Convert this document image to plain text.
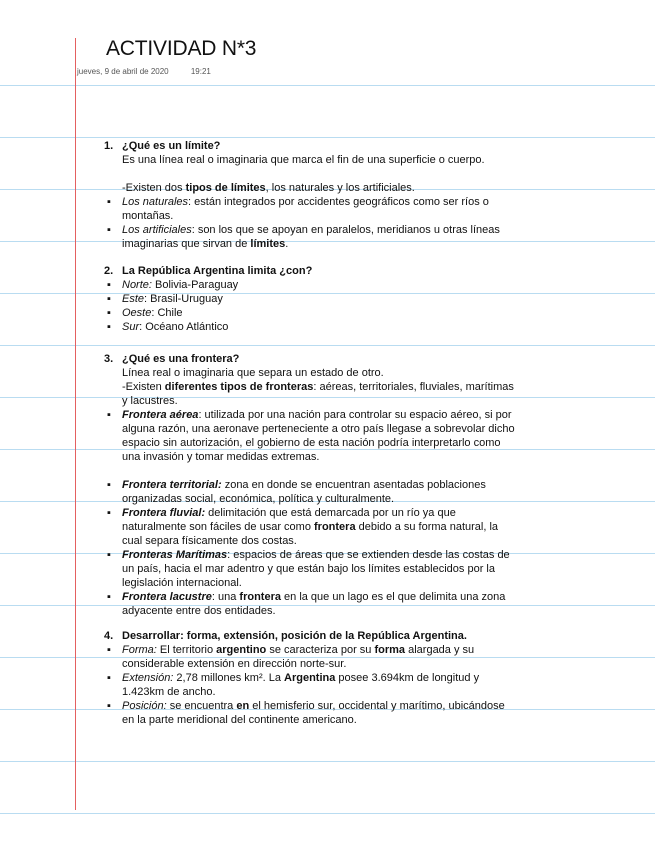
ACTIVIDAD N*3
jueves, 9 de abril de 2020	19:21
1. ¿Qué es un límite?
Es una línea real o imaginaria que marca el fin de una superficie o cuerpo.
-Existen dos tipos de límites, los naturales y los artificiales.
▪ Los naturales: están integrados por accidentes geográficos como ser ríos o montañas.
▪ Los artificiales: son los que se apoyan en paralelos, meridianos u otras líneas imaginarias que sirvan de límites.
2. La República Argentina limita ¿con?
▪ Norte: Bolivia-Paraguay
▪ Este: Brasil-Uruguay
▪ Oeste: Chile
▪ Sur: Océano Atlántico
3. ¿Qué es una frontera?
Línea real o imaginaria que separa un estado de otro.
-Existen diferentes tipos de fronteras: aéreas, territoriales, fluviales, marítimas y lacustres.
▪ Frontera aérea: utilizada por una nación para controlar su espacio aéreo, si por alguna razón, una aeronave perteneciente a otro país llegase a sobrevolar dicho espacio sin autorización, el gobierno de esta nación podría interpretarlo como una invasión y tomar medidas extremas.
▪ Frontera territorial: zona en donde se encuentran asentadas poblaciones organizadas social, económica, política y culturalmente.
▪ Frontera fluvial: delimitación que está demarcada por un río ya que naturalmente son fáciles de usar como frontera debido a su forma natural, la cual separa físicamente dos costas.
▪ Fronteras Marítimas: espacios de áreas que se extienden desde las costas de un país, hacia el mar adentro y que están bajo los límites establecidos por la legislación internacional.
▪ Frontera lacustre: una frontera en la que un lago es el que delimita una zona adyacente entre dos entidades.
4. Desarrollar: forma, extensión, posición de la República Argentina.
▪ Forma: El territorio argentino se caracteriza por su forma alargada y su considerable extensión en dirección norte-sur.
▪ Extensión: 2,78 millones km². La Argentina posee 3.694km de longitud y 1.423km de ancho.
▪ Posición: se encuentra en el hemisferio sur, occidental y marítimo, ubicándose en la parte meridional del continente americano.
